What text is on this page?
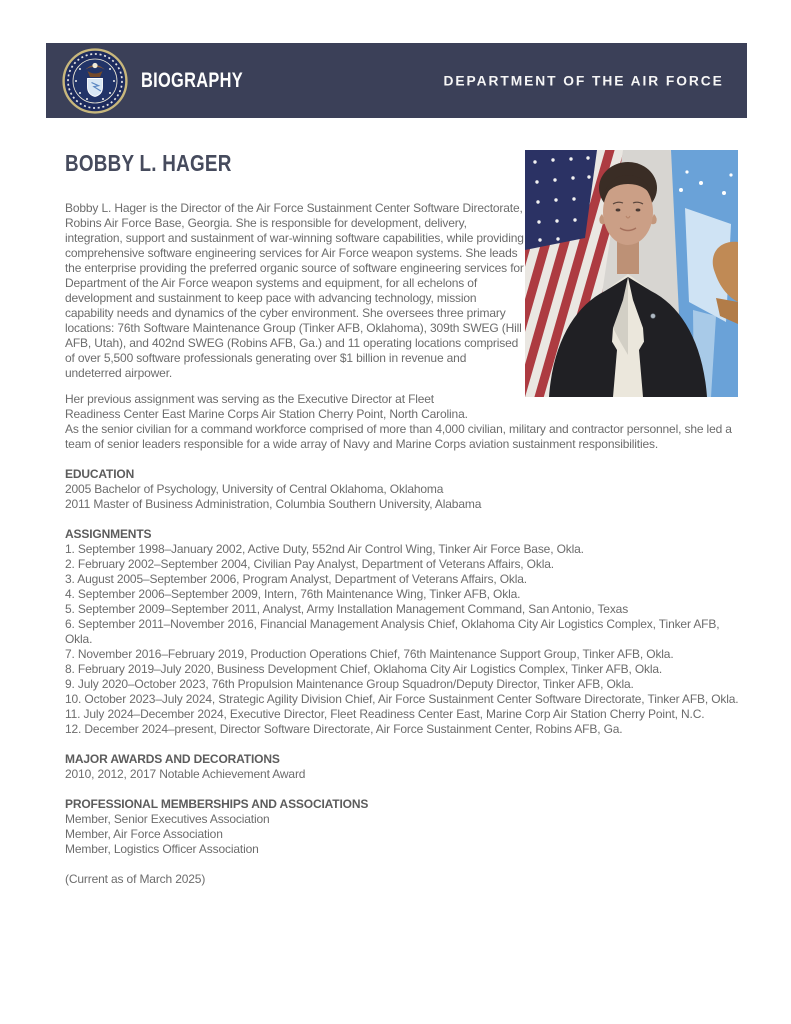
BIOGRAPHY	DEPARTMENT OF THE AIR FORCE
BOBBY L. HAGER
Bobby L. Hager is the Director of the Air Force Sustainment Center Software Directorate, Robins Air Force Base, Georgia. She is responsible for development, delivery, integration, support and sustainment of war-winning software capabilities, while providing comprehensive software engineering services for Air Force weapon systems. She leads the enterprise providing the preferred organic source of software engineering services for Department of the Air Force weapon systems and equipment, for all echelons of development and sustainment to keep pace with advancing technology, mission capability needs and dynamics of the cyber environment. She oversees three primary locations: 76th Software Maintenance Group (Tinker AFB, Oklahoma), 309th SWEG (Hill AFB, Utah), and 402nd SWEG (Robins AFB, Ga.) and 11 operating locations comprised of over 5,500 software professionals generating over $1 billion in revenue and undeterred airpower.
Her previous assignment was serving as the Executive Director at Fleet
Readiness Center East Marine Corps Air Station Cherry Point, North Carolina.
As the senior civilian for a command workforce comprised of more than 4,000 civilian, military and contractor personnel, she led a team of senior leaders responsible for a wide array of Navy and Marine Corps aviation sustainment responsibilities.
EDUCATION
2005 Bachelor of Psychology, University of Central Oklahoma, Oklahoma
2011 Master of Business Administration, Columbia Southern University, Alabama
ASSIGNMENTS
1. September 1998–January 2002, Active Duty, 552nd Air Control Wing, Tinker Air Force Base, Okla.
2. February 2002–September 2004, Civilian Pay Analyst, Department of Veterans Affairs, Okla.
3. August 2005–September 2006, Program Analyst, Department of Veterans Affairs, Okla.
4. September 2006–September 2009, Intern, 76th Maintenance Wing, Tinker AFB, Okla.
5. September 2009–September 2011, Analyst, Army Installation Management Command, San Antonio, Texas
6. September 2011–November 2016, Financial Management Analysis Chief, Oklahoma City Air Logistics Complex, Tinker AFB, Okla.
7. November 2016–February 2019, Production Operations Chief, 76th Maintenance Support Group, Tinker AFB, Okla.
8. February 2019–July 2020, Business Development Chief, Oklahoma City Air Logistics Complex, Tinker AFB, Okla.
9. July 2020–October 2023, 76th Propulsion Maintenance Group Squadron/Deputy Director, Tinker AFB, Okla.
10. October 2023–July 2024, Strategic Agility Division Chief, Air Force Sustainment Center Software Directorate, Tinker AFB, Okla.
11. July 2024–December 2024, Executive Director, Fleet Readiness Center East, Marine Corp Air Station Cherry Point, N.C.
12. December 2024–present, Director Software Directorate, Air Force Sustainment Center, Robins AFB, Ga.
MAJOR AWARDS AND DECORATIONS
2010, 2012, 2017 Notable Achievement Award
PROFESSIONAL MEMBERSHIPS AND ASSOCIATIONS
Member, Senior Executives Association
Member, Air Force Association
Member, Logistics Officer Association
(Current as of March 2025)
